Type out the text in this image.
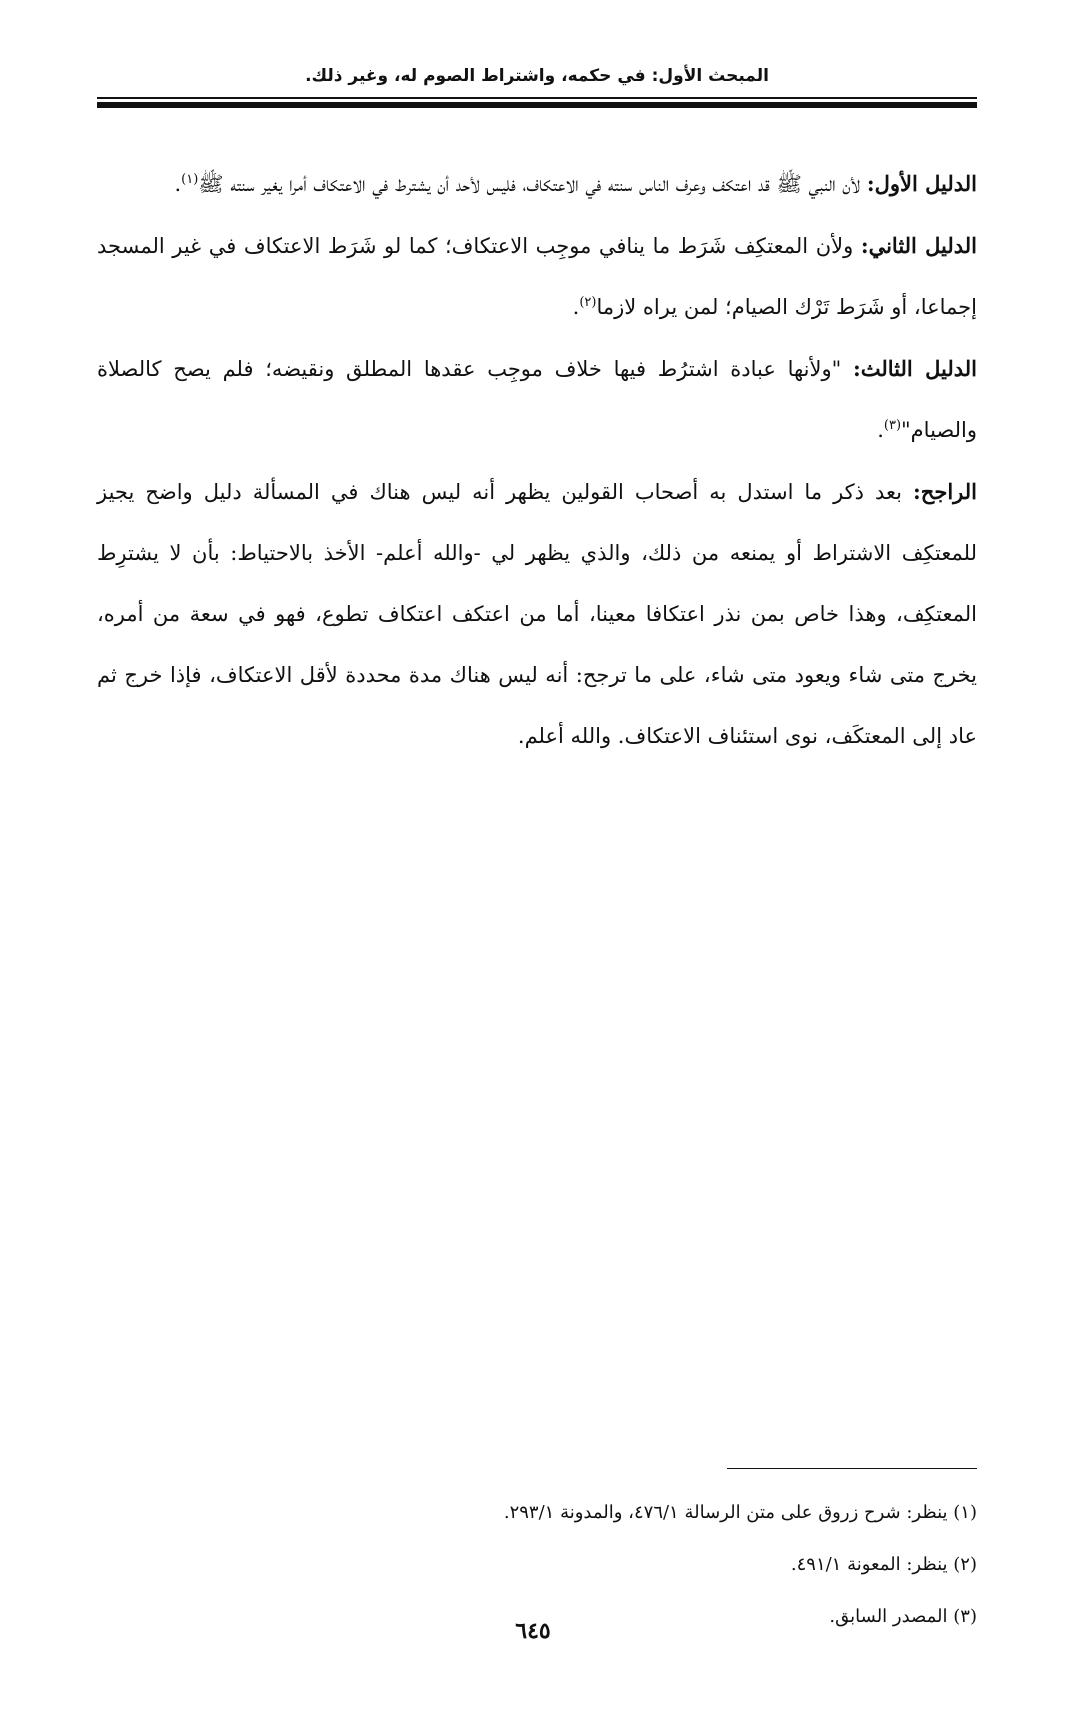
المبحث الأول: في حكمه، واشتراط الصوم له، وغير ذلك.

الدليل الأول: لأن النبي ﷺ قد اعتكف وعرف الناس سنته في الاعتكاف، فليس لأحد أن يشترط في الاعتكاف أمرا يغير سنته ﷺ$^{(١)}$.

الدليل الثاني: ولأن المعتكِف شَرَط ما ينافي موجِب الاعتكاف؛ كما لو شَرَط الاعتكاف في غير المسجد إجماعا، أو شَرَط تَرْك الصيام؛ لمن يراه لازما$^{(٢)}$.

الدليل الثالث: "ولأنها عبادة اشترُط فيها خلاف موجِب عقدها المطلق ونقيضه؛ فلم يصح كالصلاة والصيام"$^{(٣)}$.

الراجح: بعد ذكر ما استدل به أصحاب القولين يظهر أنه ليس هناك في المسألة دليل واضح يجيز للمعتكِف الاشتراط أو يمنعه من ذلك، والذي يظهر لي -والله أعلم- الأخذ بالاحتياط: بأن لا يشترِط المعتكِف، وهذا خاص بمن نذر اعتكافا معينا، أما من اعتكف اعتكاف تطوع، فهو في سعة من أمره، يخرج متى شاء ويعود متى شاء، على ما ترجح: أنه ليس هناك مدة محددة لأقل الاعتكاف، فإذا خرج ثم عاد إلى المعتكَف، نوى استئناف الاعتكاف. والله أعلم.

(١) ينظر: شرح زروق على متن الرسالة ٤٧٦/١، والمدونة ٢٩٣/١.
(٢) ينظر: المعونة ٤٩١/١.
(٣) المصدر السابق.
٦٤٥
